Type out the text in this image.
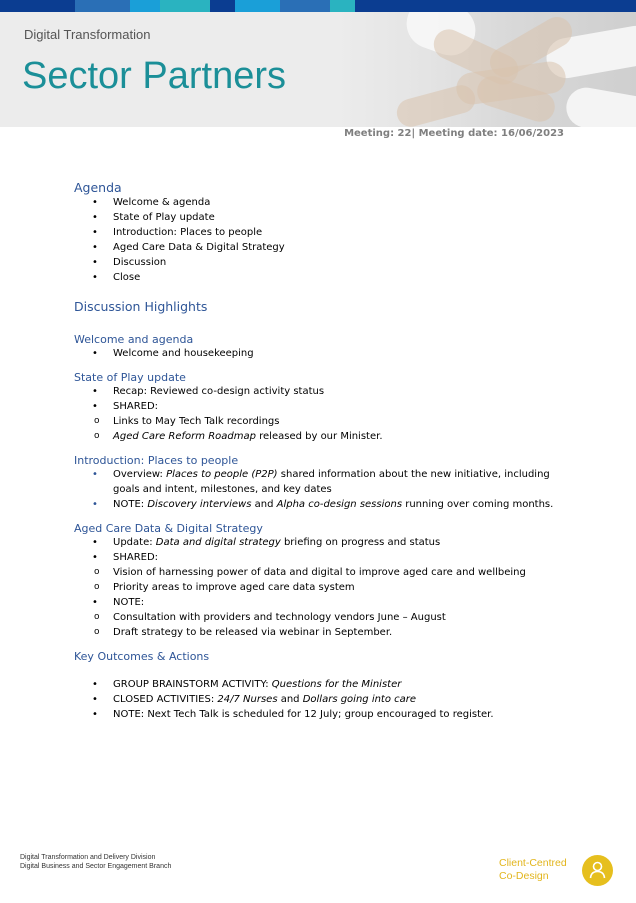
Digital Transformation
Sector Partners
Meeting: 22| Meeting date: 16/06/2023
Agenda
• Welcome & agenda
• State of Play update
• Introduction: Places to people
• Aged Care Data & Digital Strategy
• Discussion
• Close
Discussion Highlights
Welcome and agenda
• Welcome and housekeeping
State of Play update
• Recap: Reviewed co-design activity status
• SHARED:
o Links to May Tech Talk recordings
o Aged Care Reform Roadmap released by our Minister.
Introduction: Places to people
• Overview: Places to people (P2P) shared information about the new initiative, including goals and intent, milestones, and key dates
• NOTE: Discovery interviews and Alpha co-design sessions running over coming months.
Aged Care Data & Digital Strategy
• Update: Data and digital strategy briefing on progress and status
• SHARED:
o Vision of harnessing power of data and digital to improve aged care and wellbeing
o Priority areas to improve aged care data system
• NOTE:
o Consultation with providers and technology vendors June – August
o Draft strategy to be released via webinar in September.
Key Outcomes & Actions
• GROUP BRAINSTORM ACTIVITY: Questions for the Minister
• CLOSED ACTIVITIES: 24/7 Nurses and Dollars going into care
• NOTE: Next Tech Talk is scheduled for 12 July; group encouraged to register.
Digital Transformation and Delivery Division
Digital Business and Sector Engagement Branch	Client-Centred
Co-Design
